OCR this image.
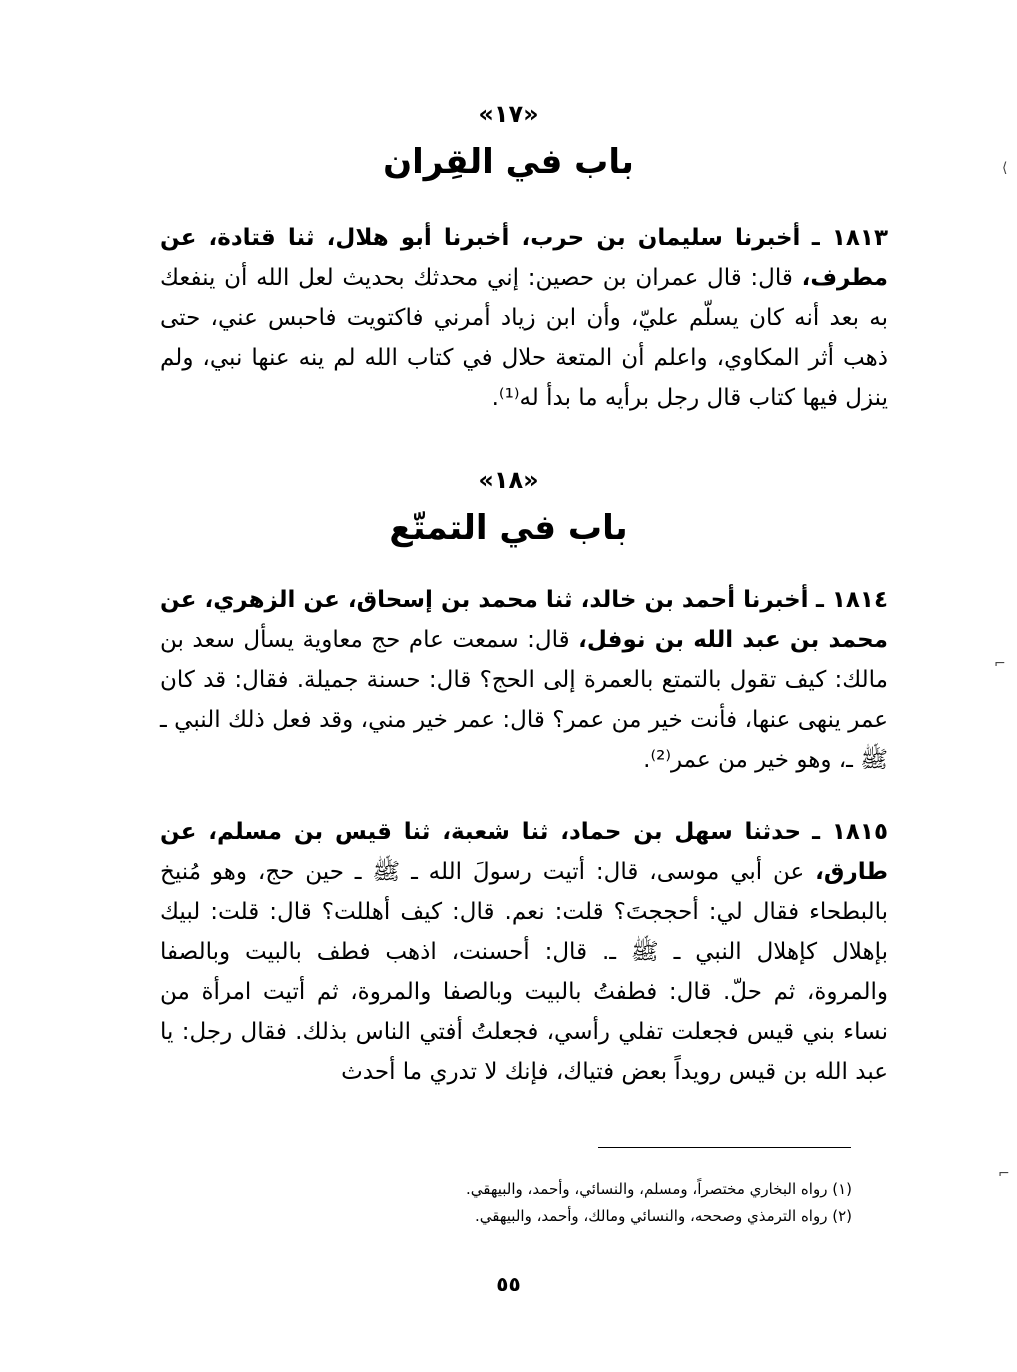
«١٧»
باب في القِران
١٨١٣ ـ أخبرنا سليمان بن حرب، أخبرنا أبو هلال، ثنا قتادة، عن مطرف، قال: قال عمران بن حصين: إني محدثك بحديث لعل الله أن ينفعك به بعد أنه كان يسلّم عليّ، وأن ابن زياد أمرني فاكتويت فاحبس عني، حتى ذهب أثر المكاوي، واعلم أن المتعة حلال في كتاب الله لم ينه عنها نبي، ولم ينزل فيها كتاب قال رجل برأيه ما بدأ له⁽¹⁾.
«١٨»
باب في التمتّع
١٨١٤ ـ أخبرنا أحمد بن خالد، ثنا محمد بن إسحاق، عن الزهري، عن محمد بن عبد الله بن نوفل، قال: سمعت عام حج معاوية يسأل سعد بن مالك: كيف تقول بالتمتع بالعمرة إلى الحج؟ قال: حسنة جميلة. فقال: قد كان عمر ينهى عنها، فأنت خير من عمر؟ قال: عمر خير مني، وقد فعل ذلك النبي ـ ﷺ ـ، وهو خير من عمر⁽²⁾.
١٨١٥ ـ حدثنا سهل بن حماد، ثنا شعبة، ثنا قيس بن مسلم، عن طارق، عن أبي موسى، قال: أتيت رسولَ الله ـ ﷺ ـ حين حج، وهو مُنيخ بالبطحاء فقال لي: أحججتَ؟ قلت: نعم. قال: كيف أهللت؟ قال: قلت: لبيك بإهلال كإهلال النبي ـ ﷺ ـ. قال: أحسنت، اذهب فطف بالبيت وبالصفا والمروة، ثم حلّ. قال: فطفتُ بالبيت وبالصفا والمروة، ثم أتيت امرأة من نساء بني قيس فجعلت تفلي رأسي، فجعلتُ أفتي الناس بذلك. فقال رجل: يا عبد الله بن قيس رويداً بعض فتياك، فإنك لا تدري ما أحدث
(١) رواه البخاري مختصراً، ومسلم، والنسائي، وأحمد، والبيهقي.
(٢) رواه الترمذي وصححه، والنسائي ومالك، وأحمد، والبيهقي.
٥٥
⟨
⌐
⌐
